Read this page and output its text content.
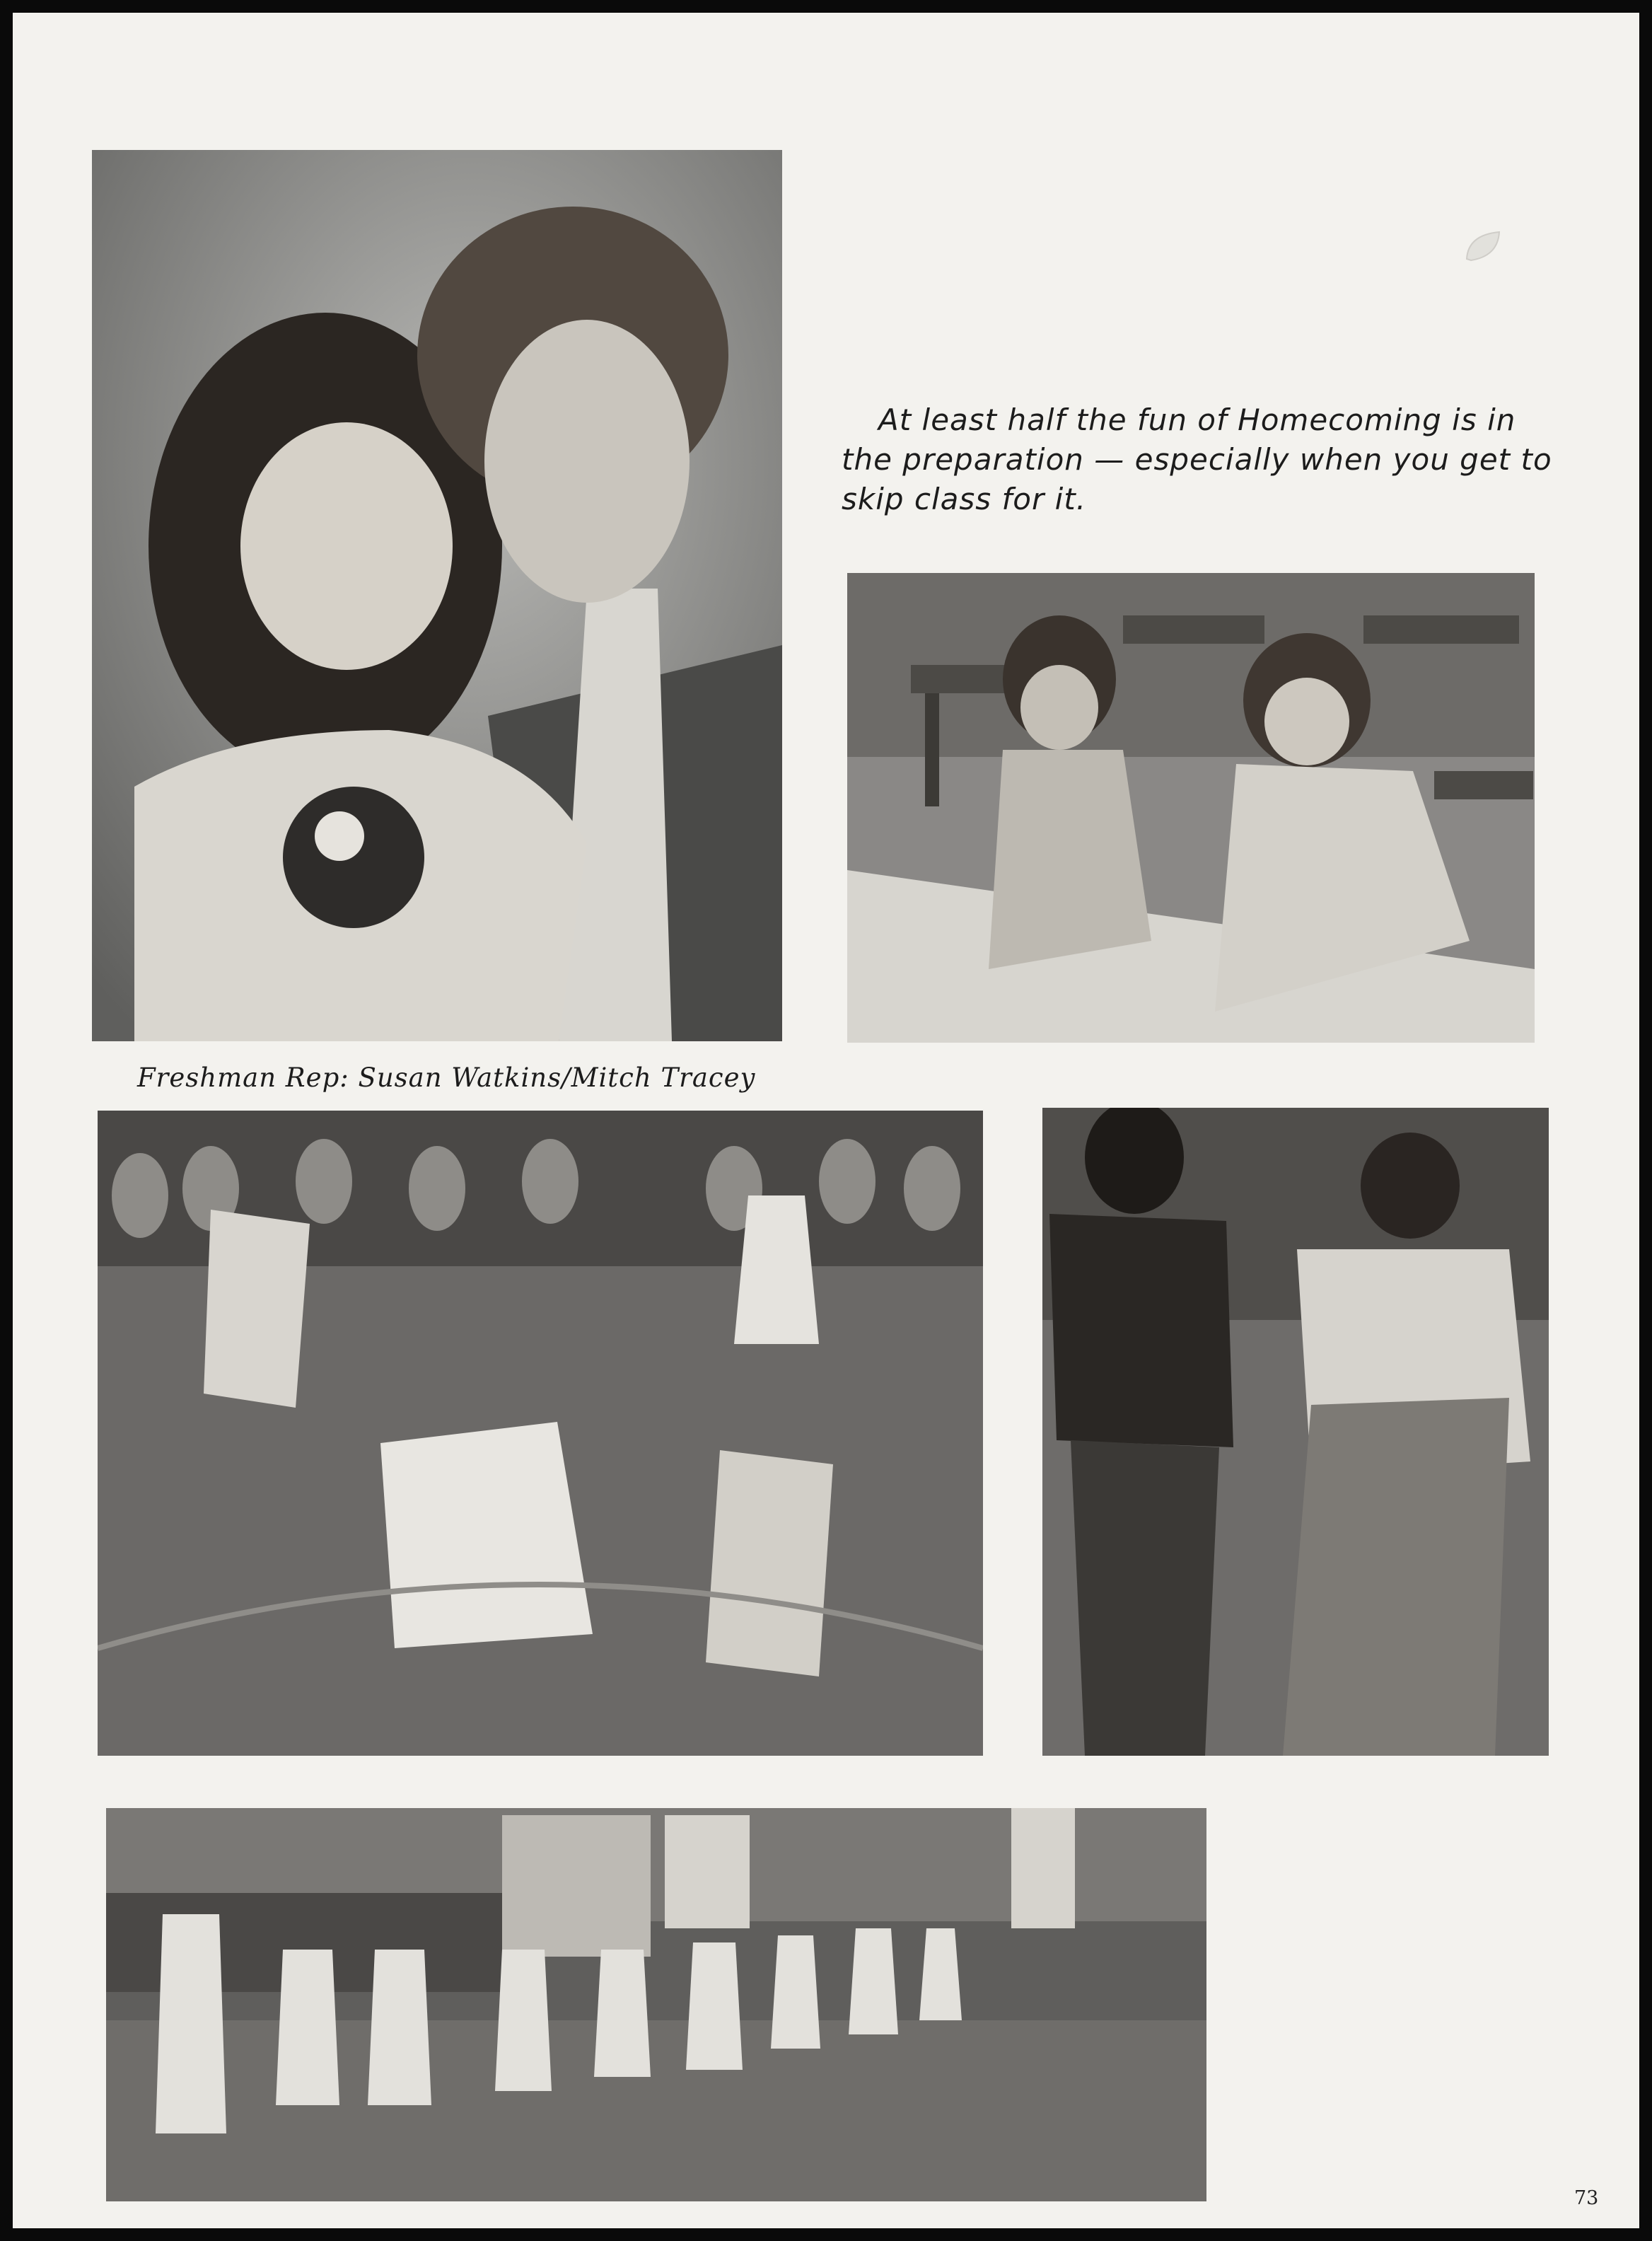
At least half the fun of Homecoming is in the preparation — especially when you get to skip class for it.
Freshman Rep: Susan Watkins/Mitch Tracey
73
